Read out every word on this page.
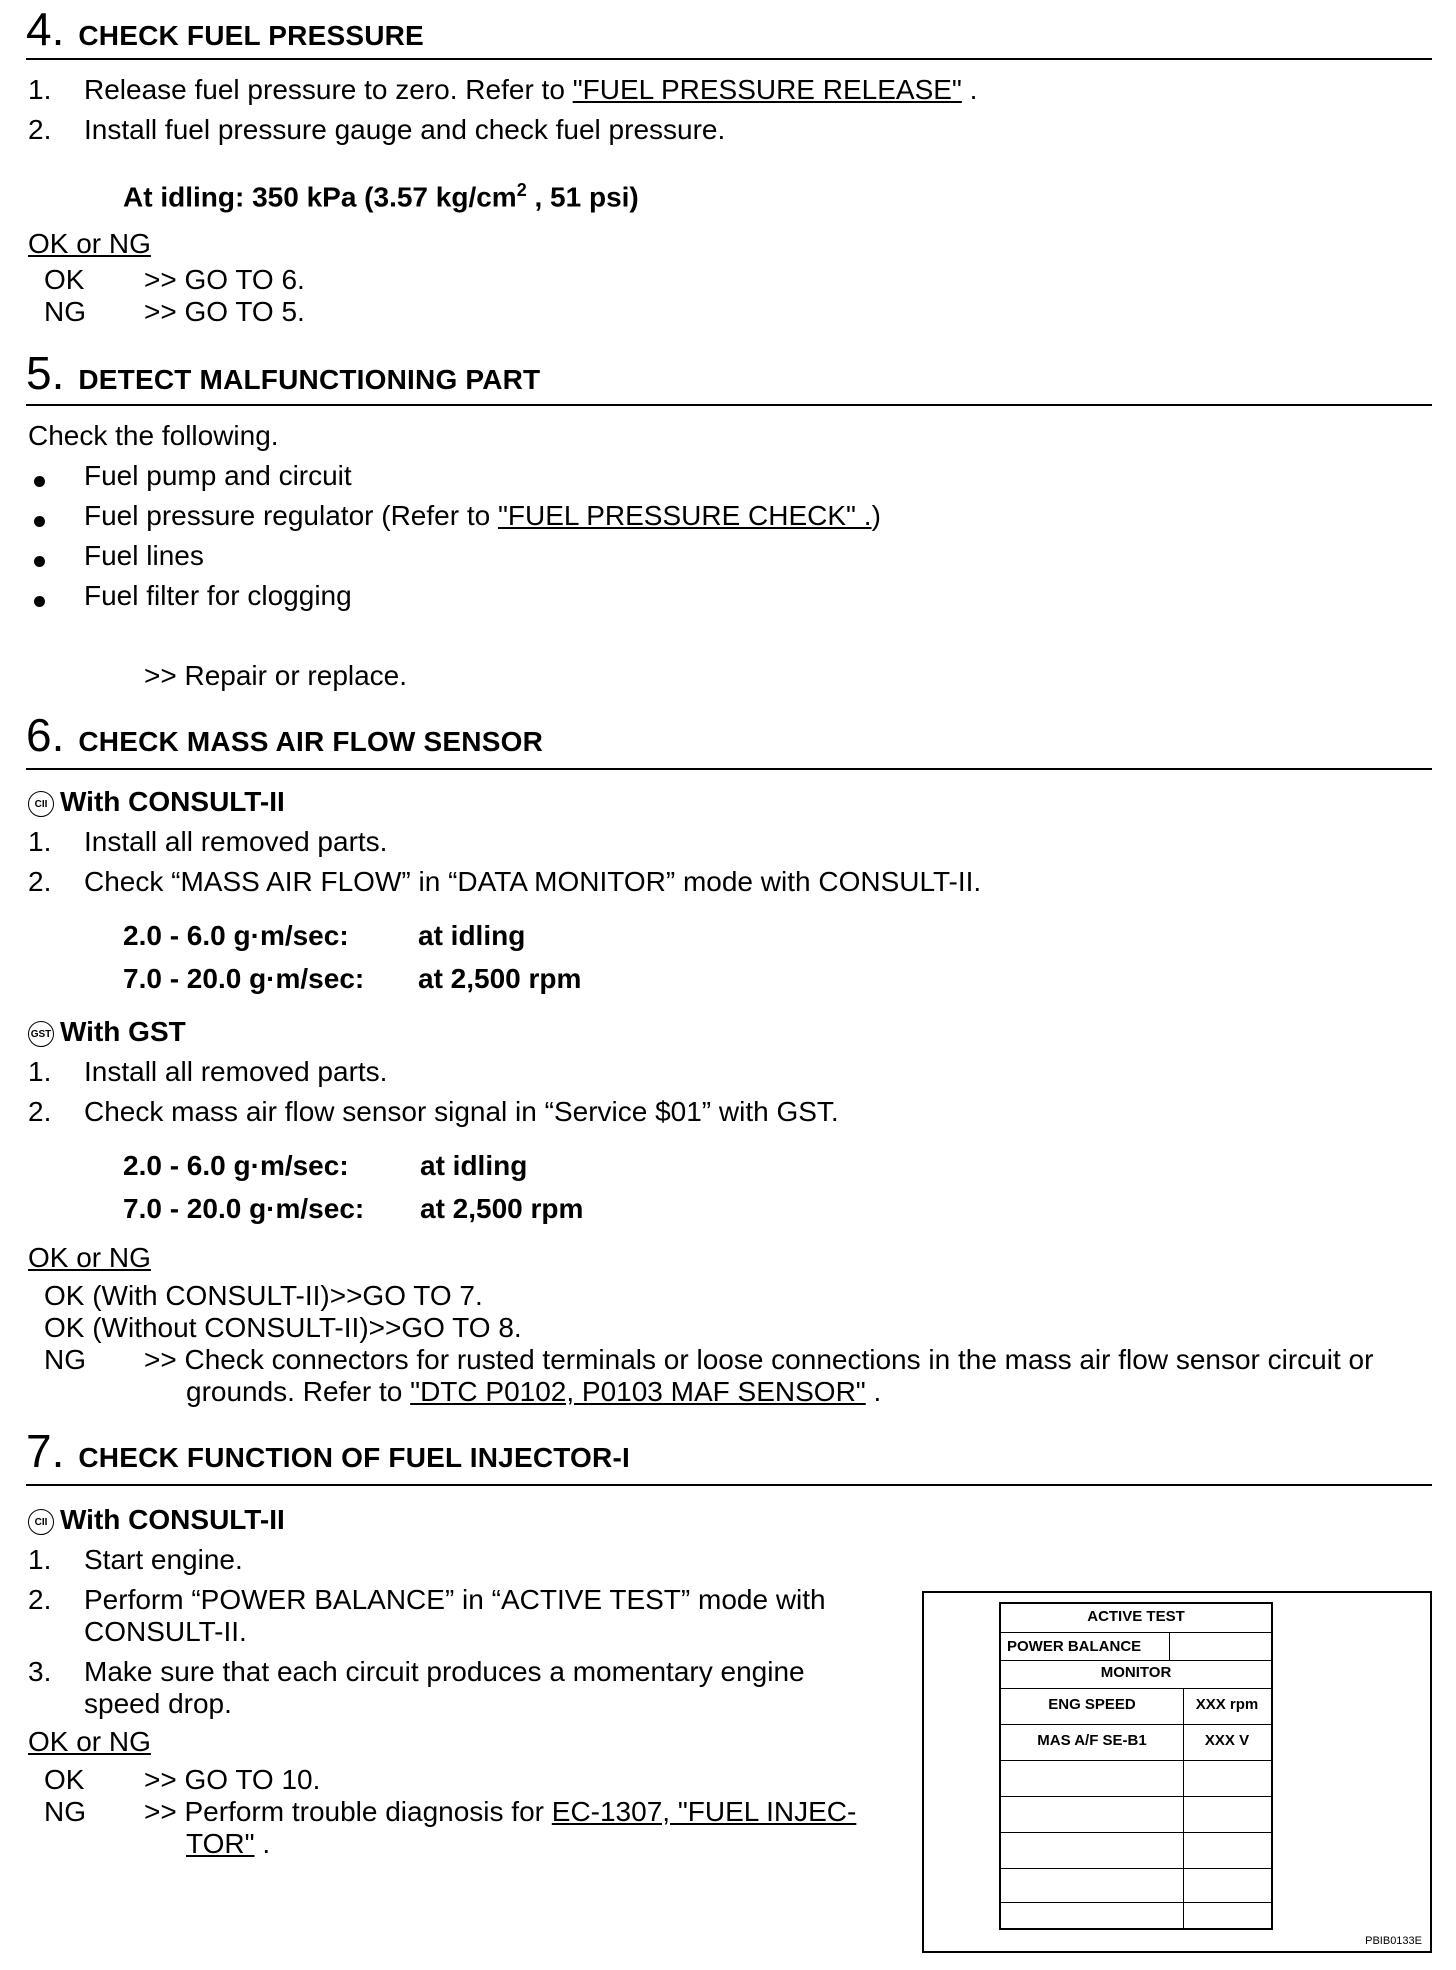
4. CHECK FUEL PRESSURE
1. Release fuel pressure to zero. Refer to "FUEL PRESSURE RELEASE" .
2. Install fuel pressure gauge and check fuel pressure.
At idling: 350 kPa (3.57 $kg/cm^2$ , 51 psi)
OK or NG
OK >> GO TO 6.
NG >> GO TO 5.
5. DETECT MALFUNCTIONING PART
Check the following.
Fuel pump and circuit
Fuel pressure regulator (Refer to "FUEL PRESSURE CHECK" .)
Fuel lines
Fuel filter for clogging
>> Repair or replace.
6. CHECK MASS AIR FLOW SENSOR
CII With CONSULT-II
1. Install all removed parts.
2. Check “MASS AIR FLOW” in “DATA MONITOR” mode with CONSULT-II.
2.0 - 6.0 g·m/sec: at idling
7.0 - 20.0 g·m/sec: at 2,500 rpm
GST With GST
1. Install all removed parts.
2. Check mass air flow sensor signal in “Service $01” with GST.
2.0 - 6.0 g·m/sec:	at idling
7.0 - 20.0 g·m/sec: at 2,500 rpm
OK or NG
OK (With CONSULT-II)>>GO TO 7.
OK (Without CONSULT-II)>>GO TO 8.
NG >> Check connectors for rusted terminals or loose connections in the mass air flow sensor circuit or
grounds. Refer to "DTC P0102, P0103 MAF SENSOR" .
7. CHECK FUNCTION OF FUEL INJECTOR-I
CII With CONSULT-II
1. Start engine.
2. Perform “POWER BALANCE” in “ACTIVE TEST” mode with
CONSULT-II.
3. Make sure that each circuit produces a momentary engine
speed drop.
OK or NG
OK >> GO TO 10.
NG >> Perform trouble diagnosis for EC-1307, "FUEL INJEC-
TOR" .
ACTIVE TEST
POWER BALANCE
MONITOR
ENG SPEED	XXX rpm
MAS A/F SE-B1	XXX V
PBIB0133E
